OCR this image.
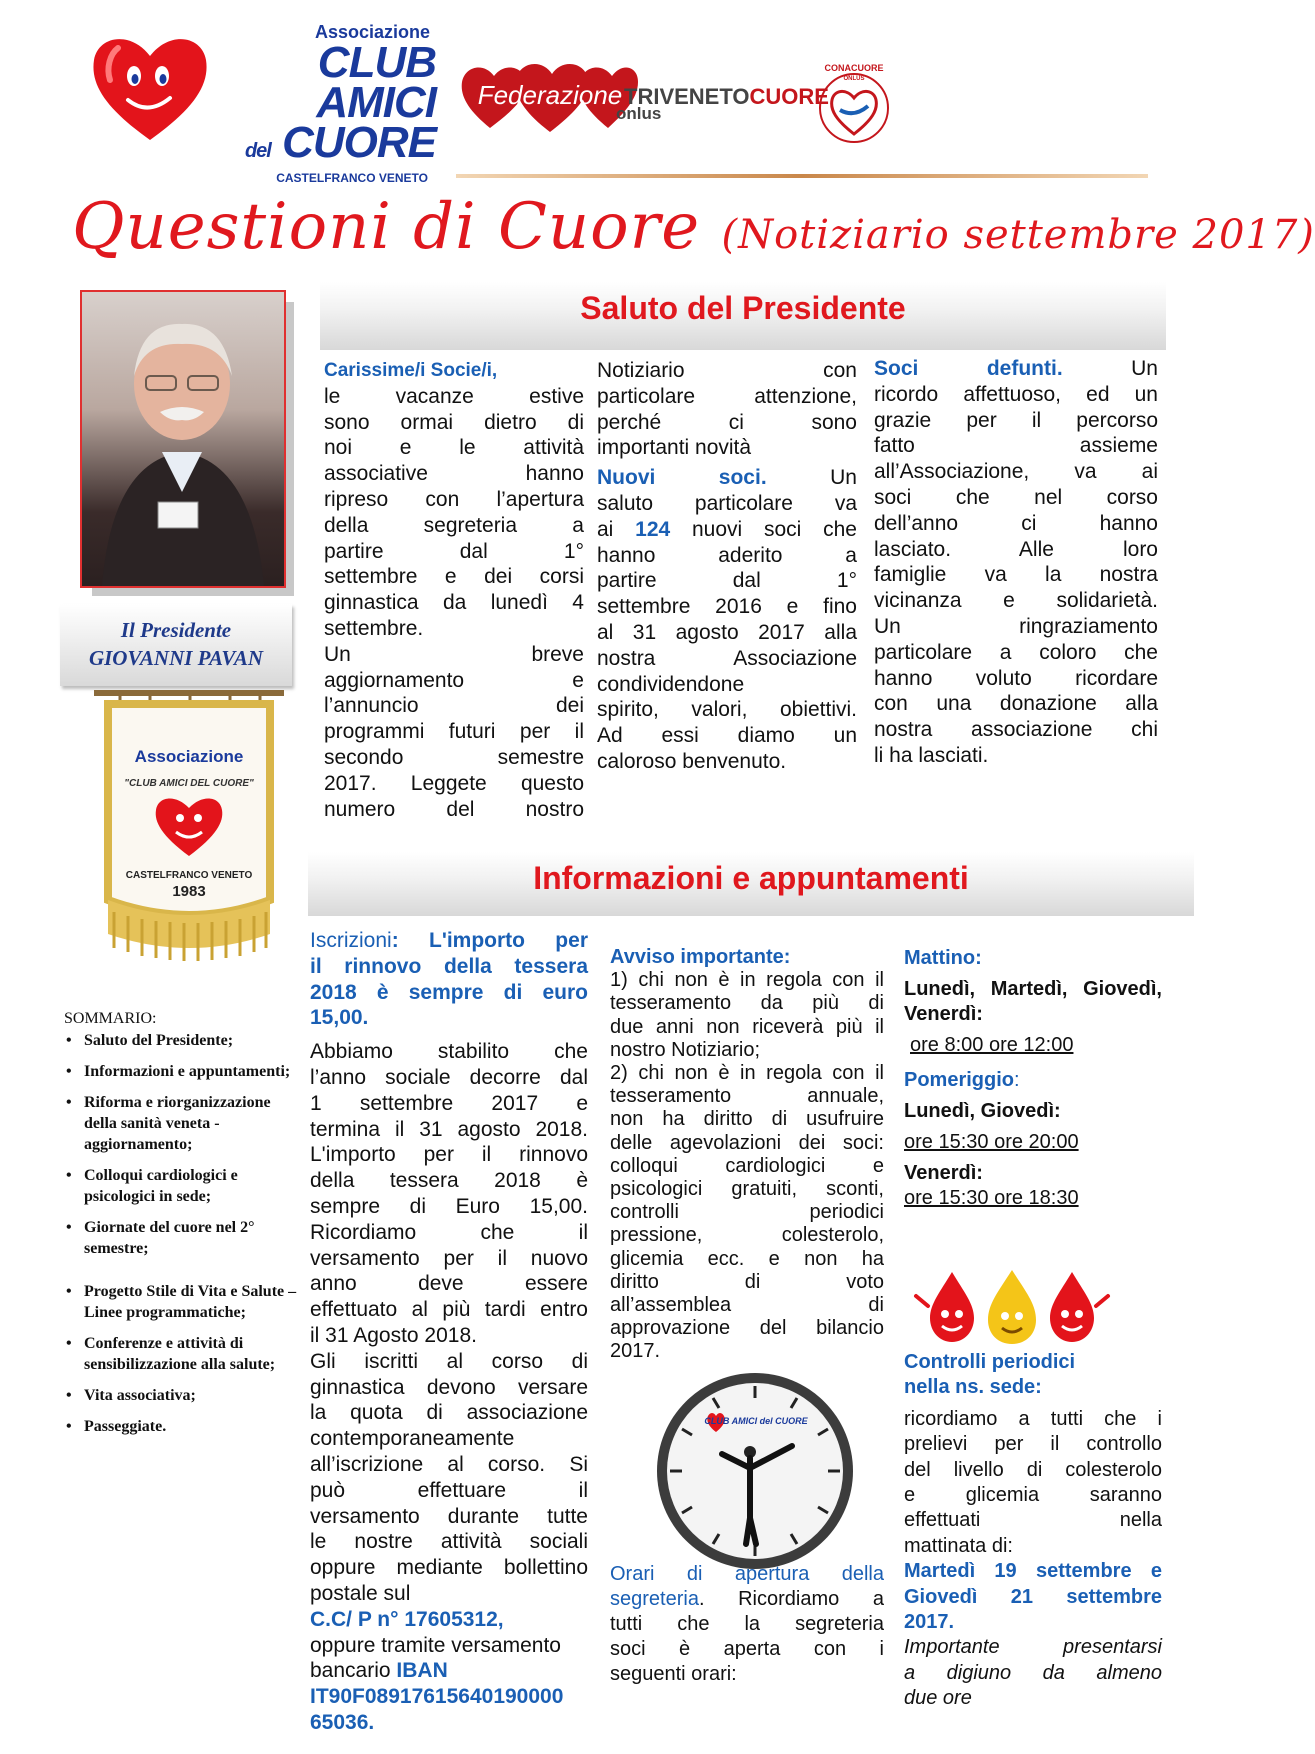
Associazione
CLUB
AMICI
del CUORE
CASTELFRANCO VENETO
Federazione TRIVENETOCUORE
onlus
CONACUORE
ONLUS
Questioni di Cuore (Notiziario settembre 2017)
Il Presidente
GIOVANNI PAVAN
Associazione
"CLUB AMICI DEL CUORE"
CASTELFRANCO VENETO
1983
SOMMARIO:
• Saluto del Presidente;
• Informazioni e appuntamenti;
• Riforma e riorganizzazione della sanità veneta - aggiornamento;
• Colloqui cardiologici e psicologici in sede;
• Giornate del cuore nel 2° semestre;
• Progetto Stile di Vita e Salute – Linee programmatiche;
• Conferenze e attività di sensibilizzazione alla salute;
• Vita associativa;
• Passeggiate.
Saluto del Presidente
Carissime/i Socie/i,
le vacanze estive
sono ormai dietro di
noi e le attività
associative hanno
ripreso con l’apertura
della segreteria a
partire dal 1°
settembre e dei corsi
ginnastica da lunedì 4
settembre.
Un breve
aggiornamento e
l’annuncio dei
programmi futuri per il
secondo semestre
2017. Leggete questo
numero del nostro
Notiziario con
particolare attenzione,
perché ci sono
importanti novità
Nuovi soci.	Un
saluto particolare va
ai 124 nuovi soci che
hanno aderito a
partire dal 1°
settembre 2016 e fino
al 31 agosto 2017 alla
nostra Associazione
condividendone
spirito, valori, obiettivi.
Ad essi diamo un
caloroso benvenuto.
Soci defunti.	Un
ricordo affettuoso, ed un
grazie per il percorso
fatto assieme
all’Associazione, va ai
soci che nel corso
dell’anno ci hanno
lasciato. Alle loro
famiglie va la nostra
vicinanza e solidarietà.
Un ringraziamento
particolare a coloro che
hanno voluto ricordare
con una donazione alla
nostra associazione chi
li ha lasciati.
Informazioni e appuntamenti
Iscrizioni: L'importo per
il rinnovo della tessera
2018 è sempre di euro
15,00.
Abbiamo stabilito che
l’anno sociale decorre dal
1 settembre 2017 e
termina il 31 agosto 2018.
L'importo per il rinnovo
della tessera 2018 è
sempre di Euro 15,00.
Ricordiamo che il
versamento per il nuovo
anno deve essere
effettuato al più tardi entro
il 31 Agosto 2018.
Gli iscritti al corso di
ginnastica devono versare
la quota di associazione
contemporaneamente
all’iscrizione al corso. Si
può effettuare il
versamento durante tutte
le nostre attività sociali
oppure mediante bollettino
postale sul
C.C/ P n° 17605312,
oppure tramite versamento
bancario IBAN
IT90F08917615640190000
65036.
Avviso importante:
1) chi non è in regola con il
tesseramento da più di
due anni non riceverà più il
nostro Notiziario;
2) chi non è in regola con il
tesseramento annuale,
non ha diritto di usufruire
delle agevolazioni dei soci:
colloqui cardiologici e
psicologici gratuiti, sconti,
controlli periodici
pressione, colesterolo,
glicemia ecc. e non ha
diritto di voto
all’assemblea di
approvazione del bilancio
2017.
CLUB AMICI del CUORE
Orari di apertura della
segreteria. Ricordiamo a
tutti che la segreteria
soci è aperta con i
seguenti orari:
Mattino:
Lunedì, Martedì, Giovedì, Venerdì:
ore 8:00 ore 12:00
Pomeriggio:
Lunedì, Giovedì:
ore 15:30 ore 20:00
Venerdì:
ore 15:30 ore 18:30
Controlli periodici
nella ns. sede:
ricordiamo a tutti che i
prelievi per il controllo
del livello di colesterolo
e glicemia saranno
effettuati nella
mattinata di:
Martedì 19 settembre e
Giovedì 21 settembre
2017.
Importante presentarsi
a digiuno da almeno
due ore
